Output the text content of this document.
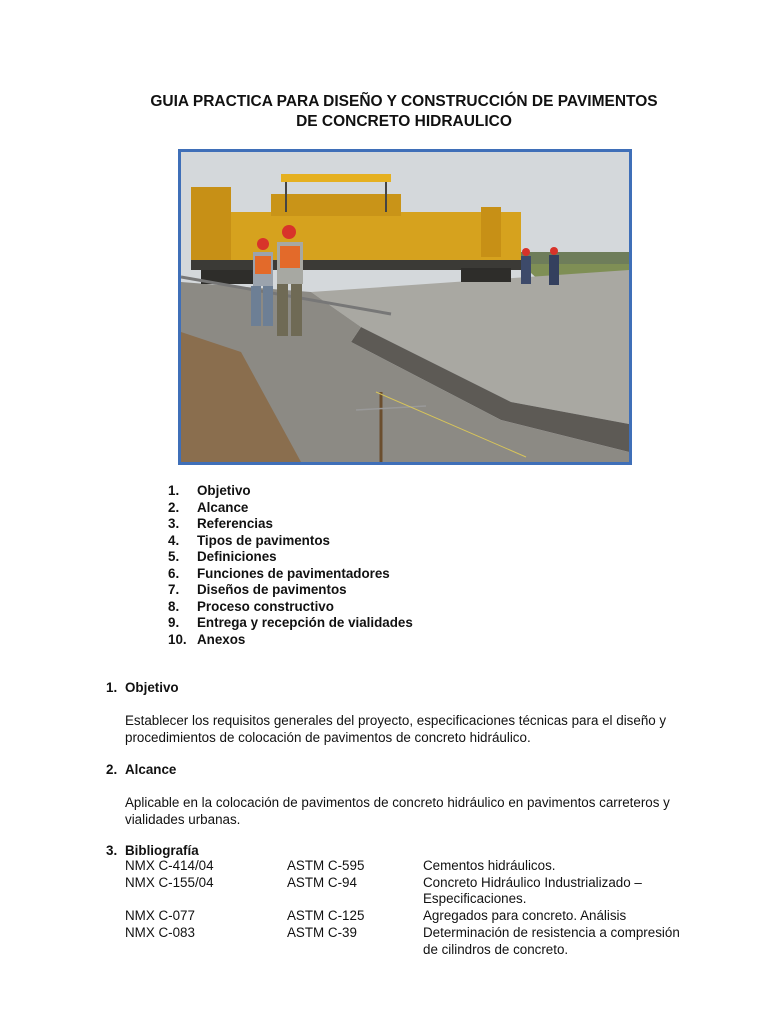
GUIA PRACTICA PARA DISEÑO Y CONSTRUCCIÓN DE PAVIMENTOS
DE CONCRETO HIDRAULICO
1.	Objetivo
2.	Alcance
3.	Referencias
4.	Tipos de pavimentos
5.	Definiciones
6.	Funciones de pavimentadores
7.	Diseños de pavimentos
8.	Proceso constructivo
9.	Entrega y recepción de vialidades
10. Anexos
1. Objetivo

Establecer los requisitos generales del proyecto, especificaciones técnicas para el diseño y procedimientos de colocación de pavimentos de concreto hidráulico.

2. Alcance

Aplicable en la colocación de pavimentos de concreto hidráulico en pavimentos carreteros y vialidades urbanas.

3. Bibliografía
NMX C-414/04	ASTM C-595	Cementos hidráulicos.
NMX C-155/04	ASTM C-94	Concreto Hidráulico Industrializado – Especificaciones.
NMX C-077	ASTM C-125	Agregados para concreto. Análisis
NMX C-083	ASTM C-39	Determinación de resistencia a compresión de cilindros de concreto.
